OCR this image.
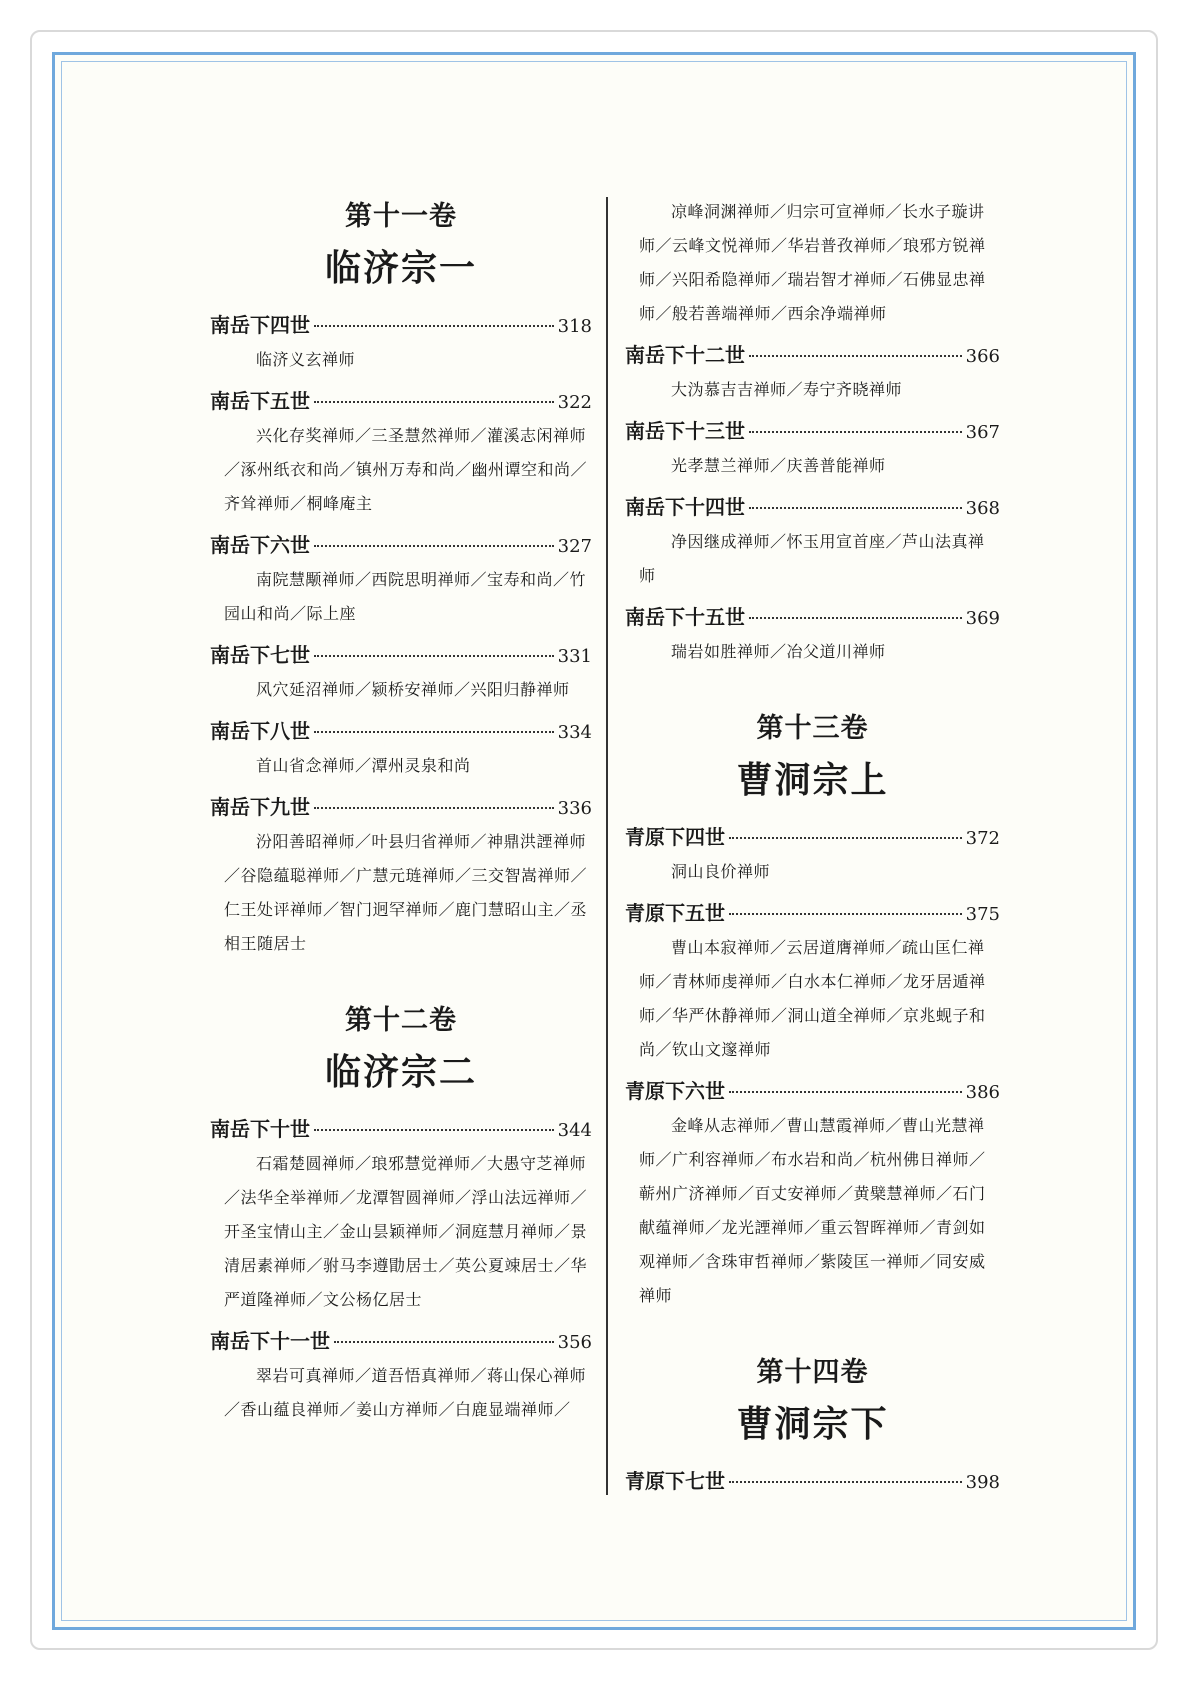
第十一卷
临济宗一
南岳下四世	318

临济义玄禅师

南岳下五世	322

兴化存奖禅师／三圣慧然禅师／灌溪志闲禅师／涿州纸衣和尚／镇州万寿和尚／幽州谭空和尚／齐耸禅师／桐峰庵主

南岳下六世	327

南院慧颙禅师／西院思明禅师／宝寿和尚／竹园山和尚／际上座

南岳下七世	331

风穴延沼禅师／颍桥安禅师／兴阳归静禅师

南岳下八世	334

首山省念禅师／潭州灵泉和尚

南岳下九世	336

汾阳善昭禅师／叶县归省禅师／神鼎洪諲禅师／谷隐蕴聪禅师／广慧元琏禅师／三交智嵩禅师／仁王处评禅师／智门迥罕禅师／鹿门慧昭山主／丞相王随居士

第十二卷
临济宗二
南岳下十世	344

石霜楚圆禅师／琅邪慧觉禅师／大愚守芝禅师／法华全举禅师／龙潭智圆禅师／浮山法远禅师／开圣宝情山主／金山昙颖禅师／洞庭慧月禅师／景清居素禅师／驸马李遵勖居士／英公夏竦居士／华严道隆禅师／文公杨亿居士

南岳下十一世	356

翠岩可真禅师／道吾悟真禅师／蒋山保心禅师／香山蕴良禅师／姜山方禅师／白鹿显端禅师／

凉峰洞渊禅师／归宗可宣禅师／长水子璇讲师／云峰文悦禅师／华岩普孜禅师／琅邪方锐禅师／兴阳希隐禅师／瑞岩智才禅师／石佛显忠禅师／般若善端禅师／西余净端禅师

南岳下十二世	366

大沩慕吉吉禅师／寿宁齐晓禅师

南岳下十三世	367

光孝慧兰禅师／庆善普能禅师

南岳下十四世	368

净因继成禅师／怀玉用宣首座／芦山法真禅师

南岳下十五世	369

瑞岩如胜禅师／冶父道川禅师

第十三卷
曹洞宗上
青原下四世	372

洞山良价禅师

青原下五世	375

曹山本寂禅师／云居道膺禅师／疏山匡仁禅师／青林师虔禅师／白水本仁禅师／龙牙居遁禅师／华严休静禅师／洞山道全禅师／京兆蚬子和尚／钦山文邃禅师

青原下六世	386

金峰从志禅师／曹山慧霞禅师／曹山光慧禅师／广利容禅师／布水岩和尚／杭州佛日禅师／蕲州广济禅师／百丈安禅师／黄檗慧禅师／石门献蕴禅师／龙光諲禅师／重云智晖禅师／青剑如观禅师／含珠审哲禅师／紫陵匡一禅师／同安威禅师

第十四卷
曹洞宗下
青原下七世	398
